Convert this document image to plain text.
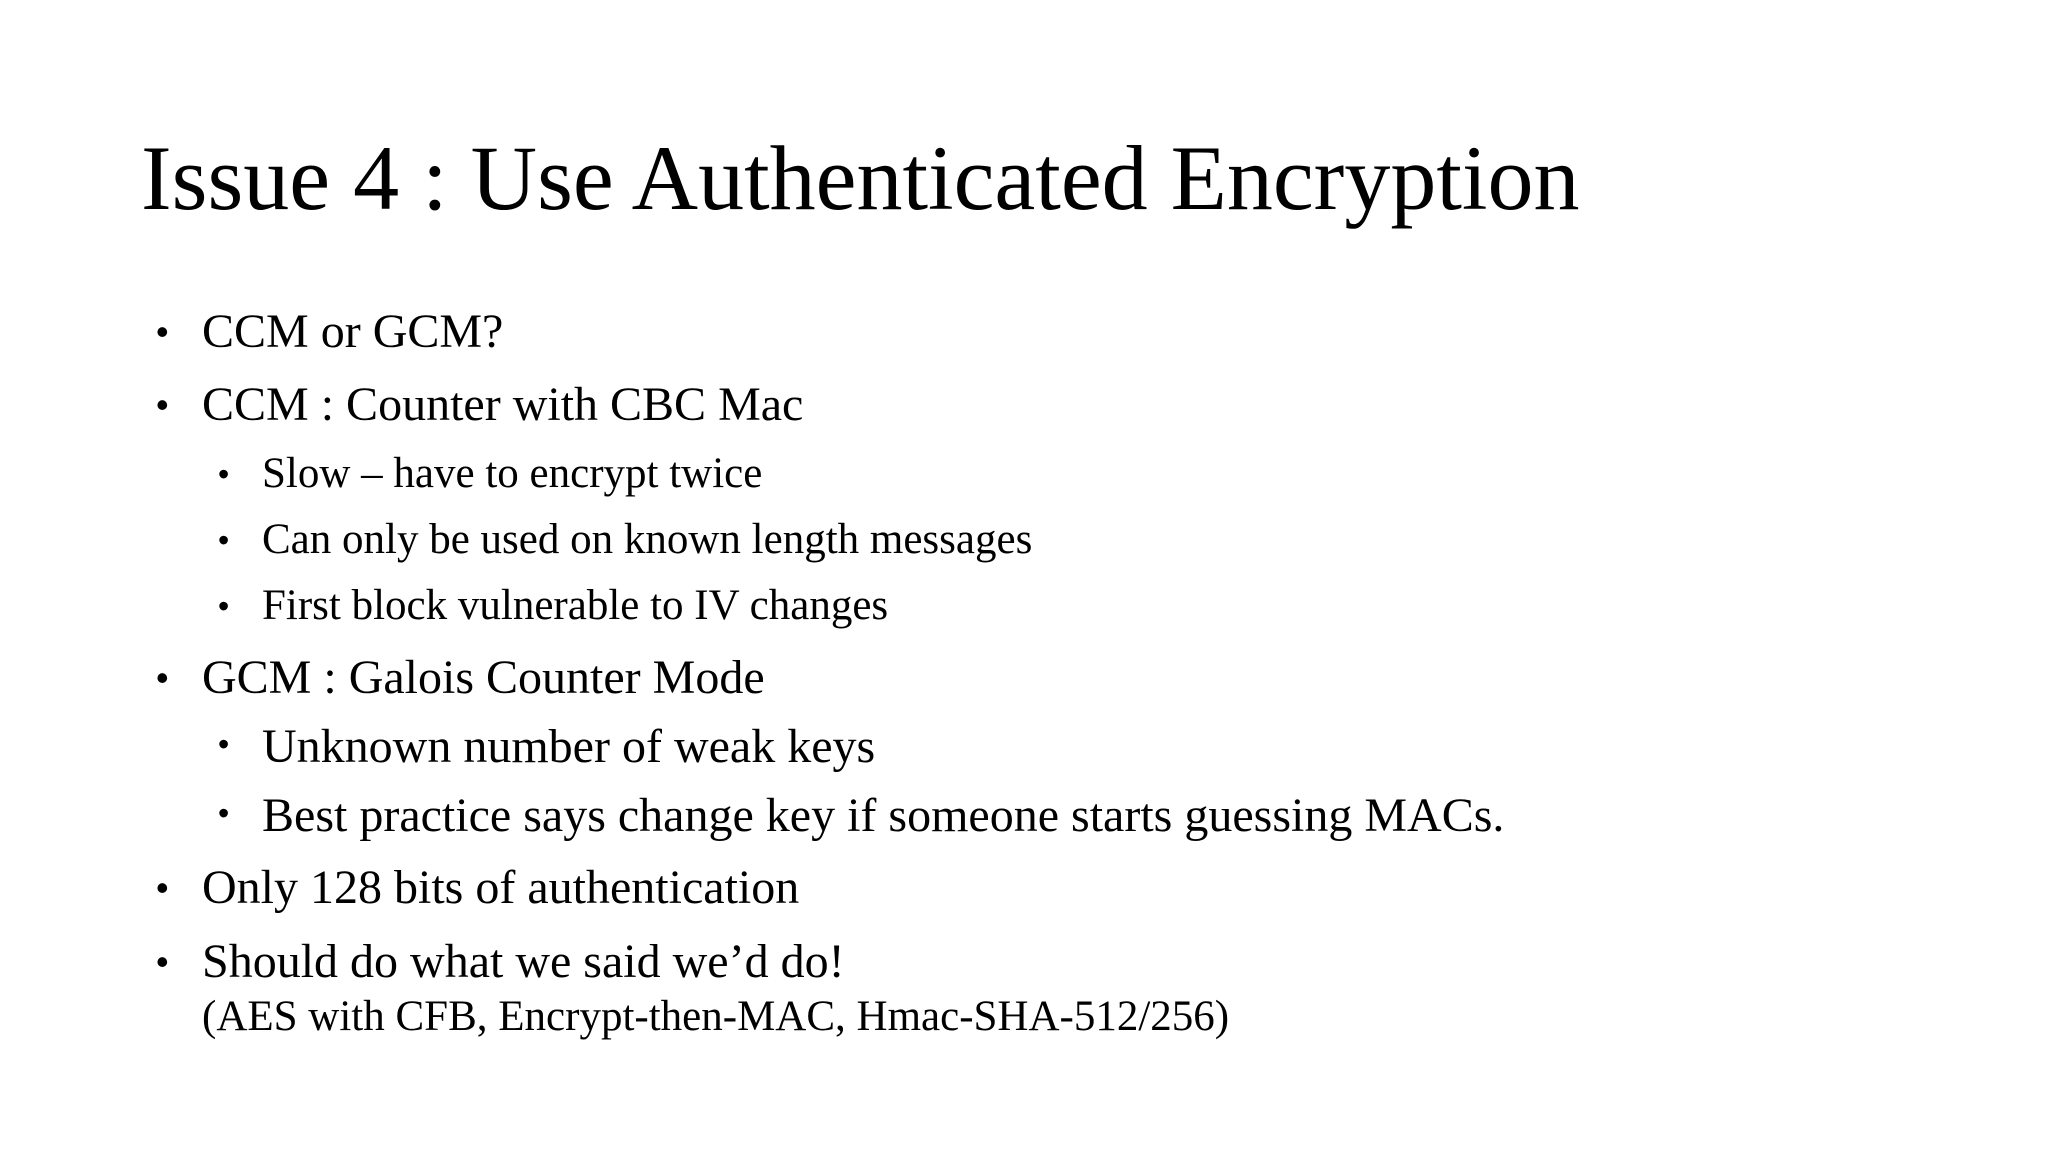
Issue 4 : Use Authenticated Encryption
• CCM or GCM?
• CCM : Counter with CBC Mac
• Slow – have to encrypt twice
• Can only be used on known length messages
• First block vulnerable to IV changes
• GCM : Galois Counter Mode
• Unknown number of weak keys
• Best practice says change key if someone starts guessing MACs.
• Only 128 bits of authentication
• Should do what we said we’d do!
(AES with CFB, Encrypt-then-MAC, Hmac-SHA-512/256)
